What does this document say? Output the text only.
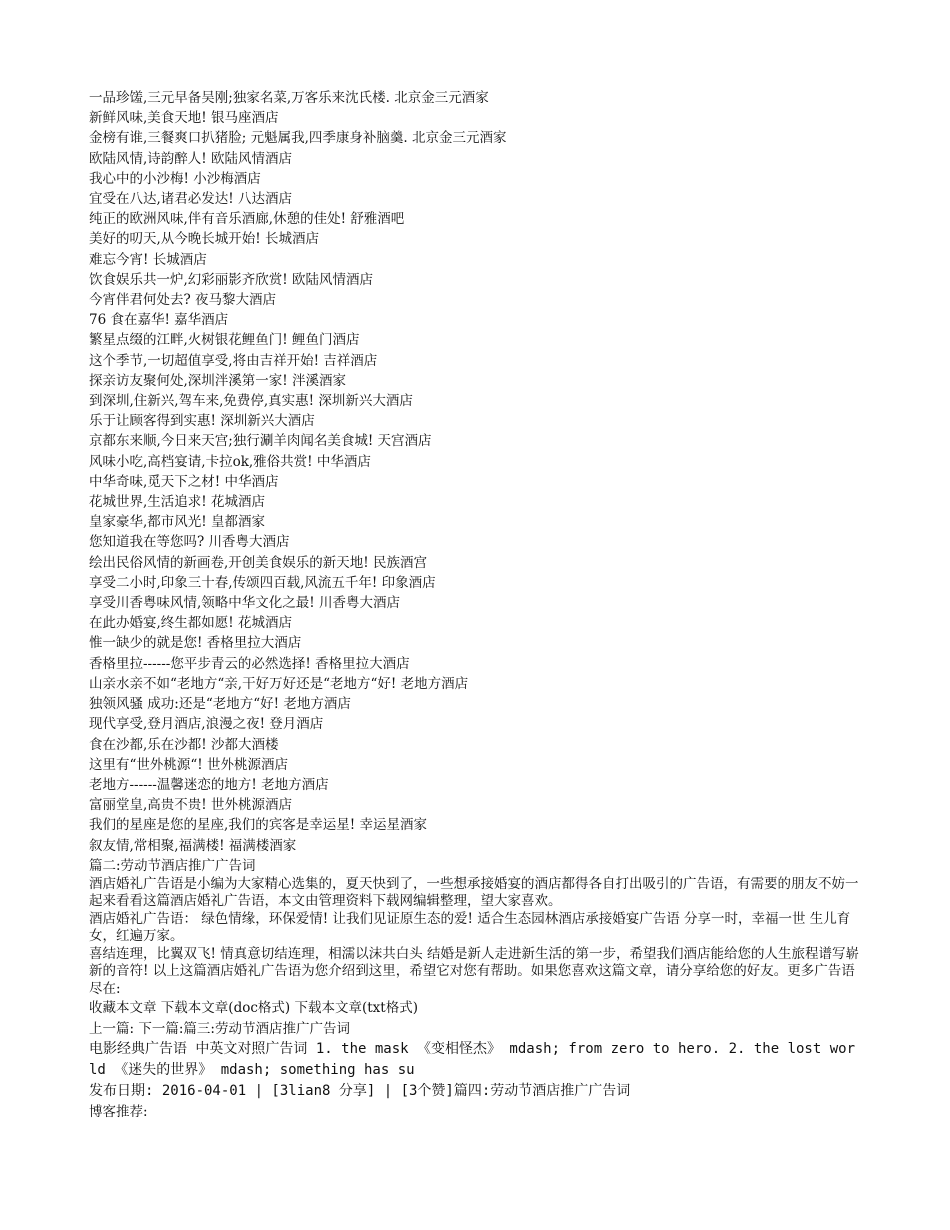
一品珍馐,三元早备吴刚;独家名菜,万客乐来沈氏楼. 北京金三元酒家
新鲜风味,美食天地! 银马座酒店
金榜有谁,三餐爽口扒猪脸; 元魁属我,四季康身补脑羹. 北京金三元酒家
欧陆风情,诗韵醉人! 欧陆风情酒店
我心中的小沙梅! 小沙梅酒店
宜受在八达,诸君必发达! 八达酒店
纯正的欧洲风味,伴有音乐酒廊,休憩的佳处! 舒雅酒吧
美好的叨天,从今晚长城开始! 长城酒店
难忘今宵! 长城酒店
饮食娱乐共一炉,幻彩丽影齐欣赏! 欧陆风情酒店
今宵伴君何处去? 夜马黎大酒店
76 食在嘉华! 嘉华酒店
繁星点缀的江畔,火树银花鲤鱼门! 鲤鱼门酒店
这个季节,一切超值享受,将由吉祥开始! 吉祥酒店
探亲访友聚何处,深圳泮溪第一家! 泮溪酒家
到深圳,住新兴,驾车来,免费停,真实惠! 深圳新兴大酒店
乐于让顾客得到实惠! 深圳新兴大酒店
京都东来顺,今日来天宫;独行涮羊肉闻名美食城! 天宫酒店
风味小吃,高档宴请,卡拉ok,雅俗共赏! 中华酒店
中华奇味,觅天下之材! 中华酒店
花城世界,生活追求! 花城酒店
皇家豪华,都市风光! 皇都酒家
您知道我在等您吗? 川香粤大酒店
绘出民俗风情的新画卷,开创美食娱乐的新天地! 民族酒宫
享受二小时,印象三十春,传颂四百载,风流五千年! 印象酒店
享受川香粤味风情,领略中华文化之最! 川香粤大酒店
在此办婚宴,终生都如愿! 花城酒店
惟一缺少的就是您! 香格里拉大酒店
香格里拉------您平步青云的必然选择! 香格里拉大酒店
山亲水亲不如“老地方“亲,干好万好还是“老地方“好! 老地方酒店
独领风骚 成功:还是“老地方“好! 老地方酒店
现代享受,登月酒店,浪漫之夜! 登月酒店
食在沙都,乐在沙都! 沙都大酒楼
这里有“世外桃源“! 世外桃源酒店
老地方------温馨迷恋的地方! 老地方酒店
富丽堂皇,高贵不贵! 世外桃源酒店
我们的星座是您的星座,我们的宾客是幸运星! 幸运星酒家
叙友情,常相聚,福满楼! 福满楼酒家
篇二:劳动节酒店推广广告词
酒店婚礼广告语是小编为大家精心选集的，夏天快到了，一些想承接婚宴的酒店都得各自打出吸引的广告语，有需要的朋友不妨一起来看看这篇酒店婚礼广告语，本文由管理资料下载网编辑整理，望大家喜欢。
酒店婚礼广告语： 绿色情缘，环保爱情! 让我们见证原生态的爱! 适合生态园林酒店承接婚宴广告语 分享一时，幸福一世 生儿育女，红遍万家。
喜结连理，比翼双飞! 情真意切结连理，相濡以沫共白头 结婚是新人走进新生活的第一步，希望我们酒店能给您的人生旅程谱写崭新的音符! 以上这篇酒店婚礼广告语为您介绍到这里，希望它对您有帮助。如果您喜欢这篇文章，请分享给您的好友。更多广告语尽在:
收藏本文章 下载本文章(doc格式) 下载本文章(txt格式)
上一篇: 下一篇:篇三:劳动节酒店推广广告词
电影经典广告语 中英文对照广告词 1. the mask 《变相怪杰》 mdash; from zero to hero. 2. the lost world 《迷失的世界》 mdash; something has su
发布日期: 2016-04-01 | [3lian8 分享] | [3个赞]篇四:劳动节酒店推广广告词
博客推荐:
